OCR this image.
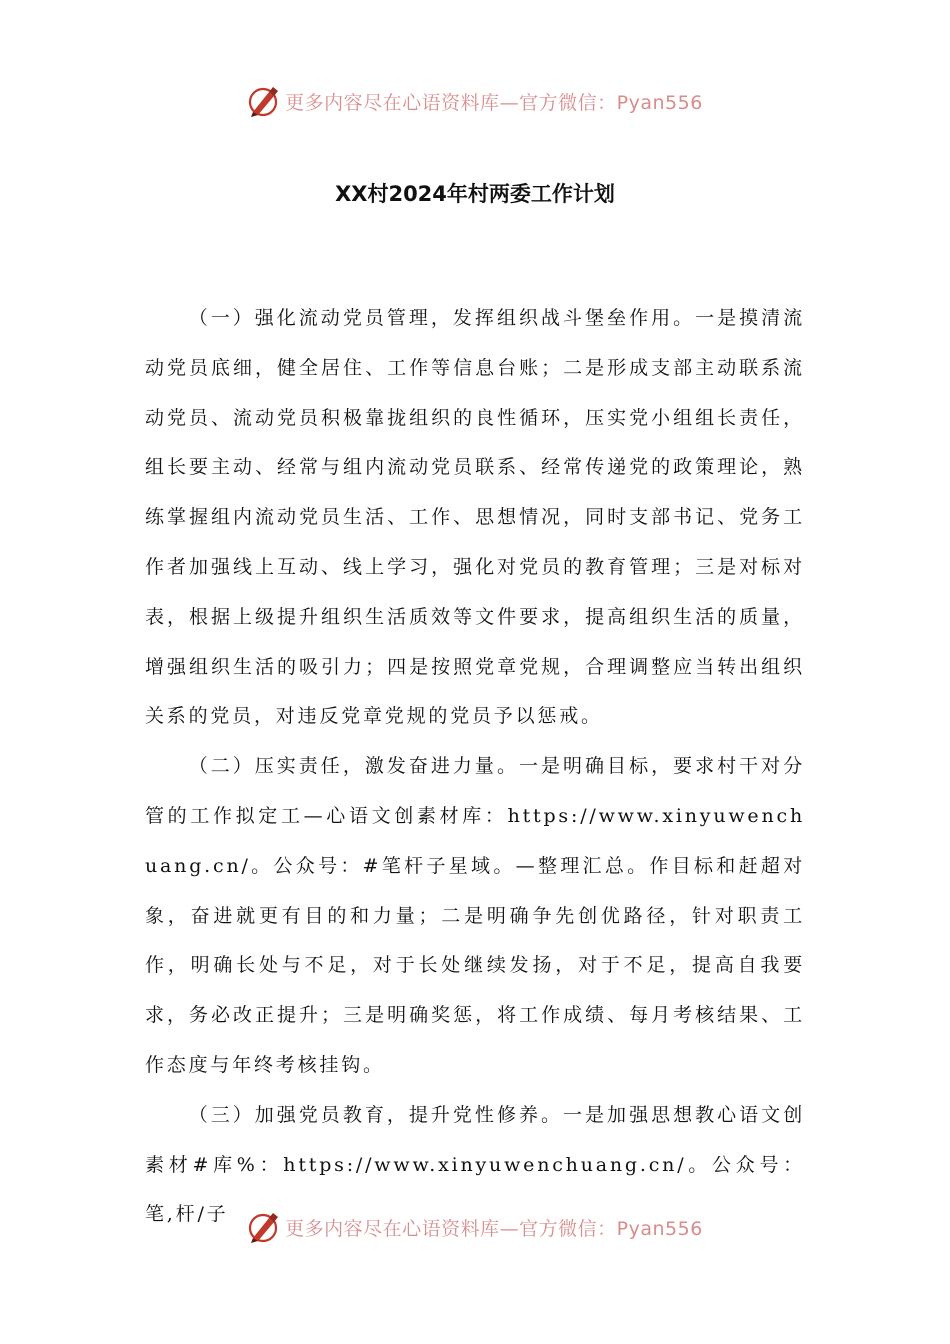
更多内容尽在心语资料库—官方微信：Pyan556
XX村2024年村两委工作计划

（一）强化流动党员管理，发挥组织战斗堡垒作用。一是摸清流动党员底细，健全居住、工作等信息台账；二是形成支部主动联系流动党员、流动党员积极靠拢组织的良性循环，压实党小组组长责任，组长要主动、经常与组内流动党员联系、经常传递党的政策理论，熟练掌握组内流动党员生活、工作、思想情况，同时支部书记、党务工作者加强线上互动、线上学习，强化对党员的教育管理；三是对标对表，根据上级提升组织生活质效等文件要求，提高组织生活的质量，增强组织生活的吸引力；四是按照党章党规，合理调整应当转出组织关系的党员，对违反党章党规的党员予以惩戒。

（二）压实责任，激发奋进力量。一是明确目标，要求村干对分管的工作拟定工—心语文创素材库：https://www.xinyuwenchuang.cn/。公众号：#笔杆子星域。—整理汇总。作目标和赶超对象，奋进就更有目的和力量；二是明确争先创优路径，针对职责工作，明确长处与不足，对于长处继续发扬，对于不足，提高自我要求，务必改正提升；三是明确奖惩，将工作成绩、每月考核结果、工作态度与年终考核挂钩。

（三）加强党员教育，提升党性修养。一是加强思想教心语文创素材#库%：https://www.xinyuwenchuang.cn/。公众号：笔,杆/子

更多内容尽在心语资料库—官方微信：Pyan556
